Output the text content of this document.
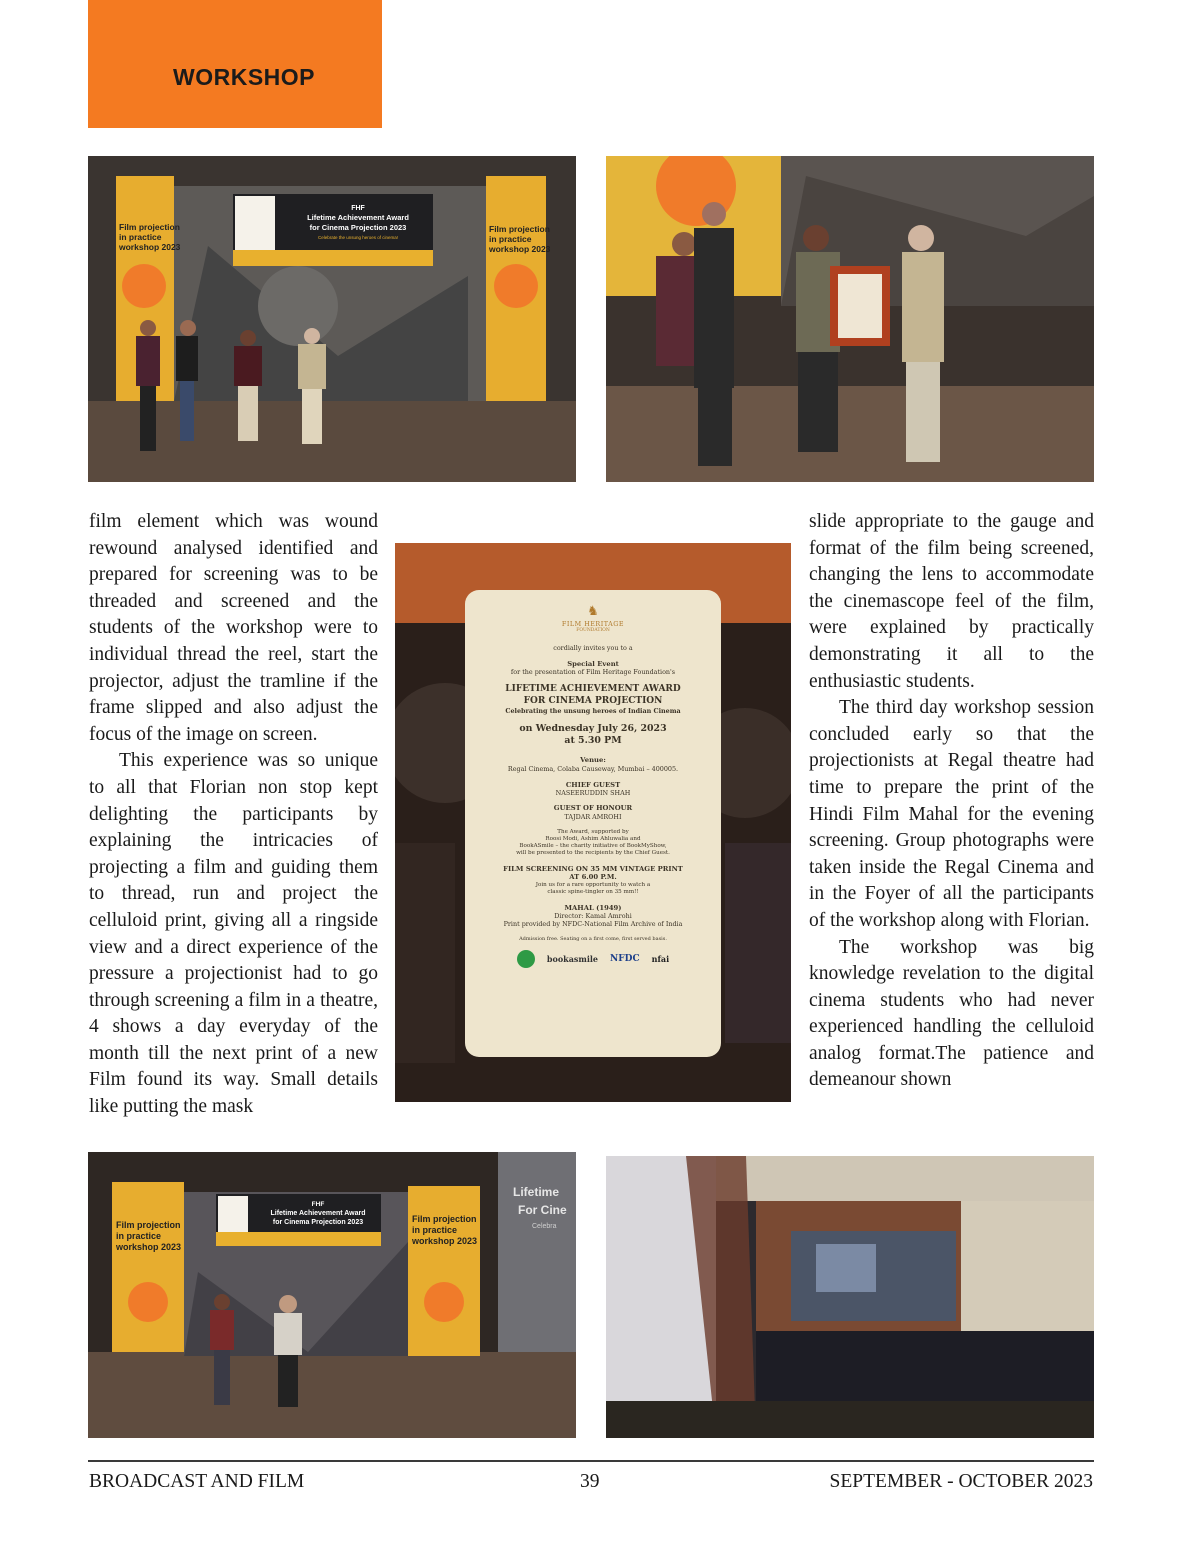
WORKSHOP
FHF
Lifetime Achievement Award
for Cinema Projection 2023
Celebrate the unsung heroes of cinema!
Film projection
in practice
workshop 2023
Film projection
in practice
workshop 2023

film element which was wound rewound analysed identified and prepared for screening was to be threaded and screened and the students of the workshop were to individual thread the reel, start the projector, adjust the tramline if the frame slipped and also adjust the focus of the image on screen.

This experience was so unique to all that Florian non stop kept delighting the participants by explaining the intricacies of projecting a film and guiding them to thread, run and project the celluloid print, giving all a ringside view and a direct experience of the pressure a projectionist had to go through screening a film in a theatre, 4 shows a day everyday of the month till the next print of a new Film found its way. Small details like putting the mask

♞
FILM HERITAGE
FOUNDATION
cordially invites you to a
Special Event
for the presentation of Film Heritage Foundation's
LIFETIME ACHIEVEMENT AWARD
FOR CINEMA PROJECTION
Celebrating the unsung heroes of Indian Cinema
on Wednesday July 26, 2023
at 5.30 PM
Venue:
Regal Cinema, Colaba Causeway, Mumbai – 400005.
CHIEF GUEST
NASEERUDDIN SHAH
GUEST OF HONOUR
TAJDAR AMROHI
The Award, supported by
Roosi Modi, Ashim Ahluwalia and
BookASmile – the charity initiative of BookMyShow,
will be presented to the recipients by the Chief Guest.
FILM SCREENING ON 35 MM VINTAGE PRINT
AT 6.00 P.M.
Join us for a rare opportunity to watch a
classic spine-tingler on 35 mm!!
MAHAL (1949)
Director: Kamal Amrohi
Print provided by NFDC-National Film Archive of India
Admission free. Seating on a first come, first served basis.
bookasmile NFDC nfai

slide appropriate to the gauge and format of the film being screened, changing the lens to accommodate the cinemascope feel of the film, were explained by practically demonstrating it all to the enthusiastic students.

The third day workshop session concluded early so that the projectionists at Regal theatre had time to prepare the print of the Hindi Film Mahal for the evening screening. Group photographs were taken inside the Regal Cinema and in the Foyer of all the participants of the workshop along with Florian.

The workshop was big knowledge revelation to the digital cinema students who had never experienced handling the celluloid analog format.The patience and demeanour shown

FHF
Lifetime Achievement Award
for Cinema Projection 2023
Film projection
in practice
workshop 2023
Film projection
in practice
workshop 2023
Lifetime
For Cine
Celebra
BROADCAST AND FILM	39	SEPTEMBER - OCTOBER 2023
